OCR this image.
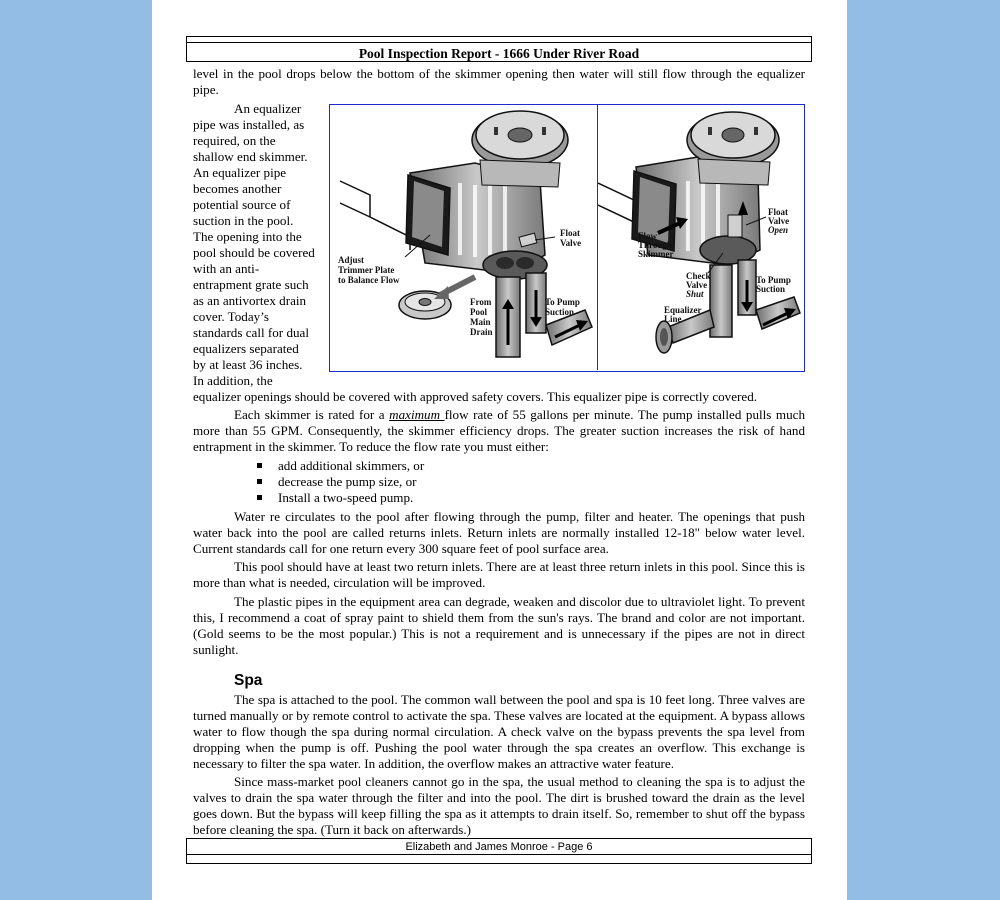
Pool Inspection Report - 1666 Under River Road

level in the pool drops below the bottom of the skimmer opening then water will still flow through the equalizer pipe.

Float Valve
Adjust Trimmer Plate to Balance Flow
From Pool Main Drain
To Pump Suction
Float Valve Open
Flow Through Skimmer
Check Valve Shut
To Pump Suction
Equalizer Line

An equalizer pipe was installed, as required, on the shallow end skimmer. An equalizer pipe becomes another potential source of suction in the pool. The opening into the pool should be covered with an anti-entrapment grate such as an antivortex drain cover. Today’s standards call for dual equalizers separated by at least 36 inches. In addition, the equalizer openings should be covered with approved safety covers. This equalizer pipe is correctly covered.

Each skimmer is rated for a maximum flow rate of 55 gallons per minute. The pump installed pulls much more than 55 GPM. Consequently, the skimmer efficiency drops. The greater suction increases the risk of hand entrapment in the skimmer. To reduce the flow rate you must either:

add additional skimmers, or
decrease the pump size, or
Install a two-speed pump.

Water re circulates to the pool after flowing through the pump, filter and heater. The openings that push water back into the pool are called returns inlets. Return inlets are normally installed 12-18" below water level. Current standards call for one return every 300 square feet of pool surface area.

This pool should have at least two return inlets. There are at least three return inlets in this pool. Since this is more than what is needed, circulation will be improved.

The plastic pipes in the equipment area can degrade, weaken and discolor due to ultraviolet light. To prevent this, I recommend a coat of spray paint to shield them from the sun's rays. The brand and color are not important. (Gold seems to be the most popular.) This is not a requirement and is unnecessary if the pipes are not in direct sunlight.

Spa

The spa is attached to the pool. The common wall between the pool and spa is 10 feet long. Three valves are turned manually or by remote control to activate the spa. These valves are located at the equipment. A bypass allows water to flow though the spa during normal circulation. A check valve on the bypass prevents the spa level from dropping when the pump is off. Pushing the pool water through the spa creates an overflow. This exchange is necessary to filter the spa water. In addition, the overflow makes an attractive water feature.

Since mass-market pool cleaners cannot go in the spa, the usual method to cleaning the spa is to adjust the valves to drain the spa water through the filter and into the pool. The dirt is brushed toward the drain as the level goes down. But the bypass will keep filling the spa as it attempts to drain itself. So, remember to shut off the bypass before cleaning the spa. (Turn it back on afterwards.)

Elizabeth and James Monroe - Page 6
